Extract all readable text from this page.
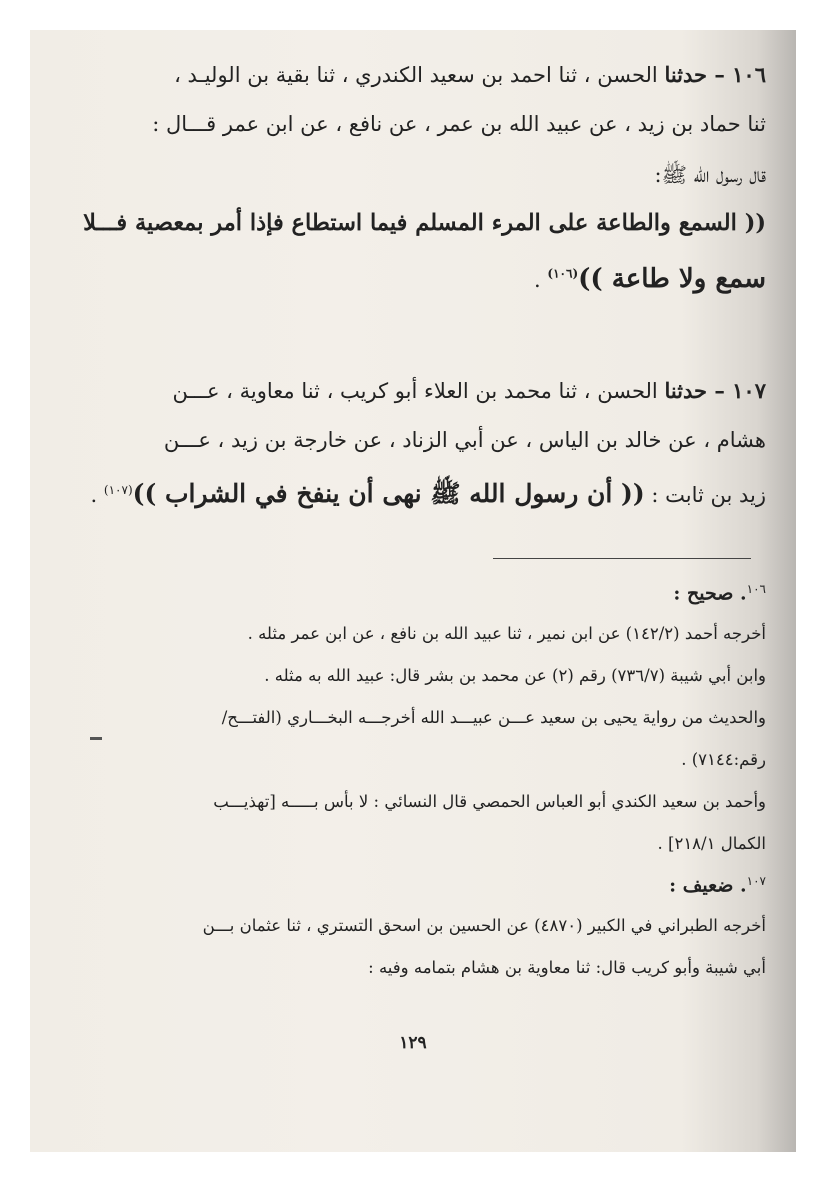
١٠٦ – حدثنا الحسن ، ثنا احمد بن سعيد الكندري ، ثنا بقية بن الوليـد ،
ثنا حماد بن زيد ، عن عبيد الله بن عمر ، عن نافع ، عن ابن عمر قـــال :
قال رسول الله ﷺ:
(( السمع والطاعة على المرء المسلم فيما استطاع فإذا أمر بمعصية فـــلا
سمع ولا طاعة ))$^{(١٠٦)}$ .
١٠٧ – حدثنا الحسن ، ثنا محمد بن العلاء أبو كريب ، ثنا معاوية ، عـــن
هشام ، عن خالد بن الياس ، عن أبي الزناد ، عن خارجة بن زيد ، عـــن
زيد بن ثابت : (( أن رسول الله ﷺ نهى أن ينفخ في الشراب ))$^{(١٠٧)}$ .
$^{١٠٦}$. صحيح :
أخرجه أحمد (١٤٢/٢) عن ابن نمير ، ثنا عبيد الله بن نافع ، عن ابن عمر مثله .
وابن أبي شيبة (٧٣٦/٧) رقم (٢) عن محمد بن بشر قال: عبيد الله به مثله .
والحديث من رواية يحيى بن سعيد عـــن عبيـــد الله أخرجـــه البخـــاري (الفتـــح/
رقم:٧١٤٤) .
وأحمد بن سعيد الكندي أبو العباس الحمصي قال النسائي : لا بأس بـــــه [تهذيـــب
الكمال ٢١٨/١] .
$^{١٠٧}$. ضعيف :
أخرجه الطبراني في الكبير (٤٨٧٠) عن الحسين بن اسحق التستري ، ثنا عثمان بـــن
أبي شيبة وأبو كريب قال: ثنا معاوية بن هشام بتمامه وفيه :
١٢٩
